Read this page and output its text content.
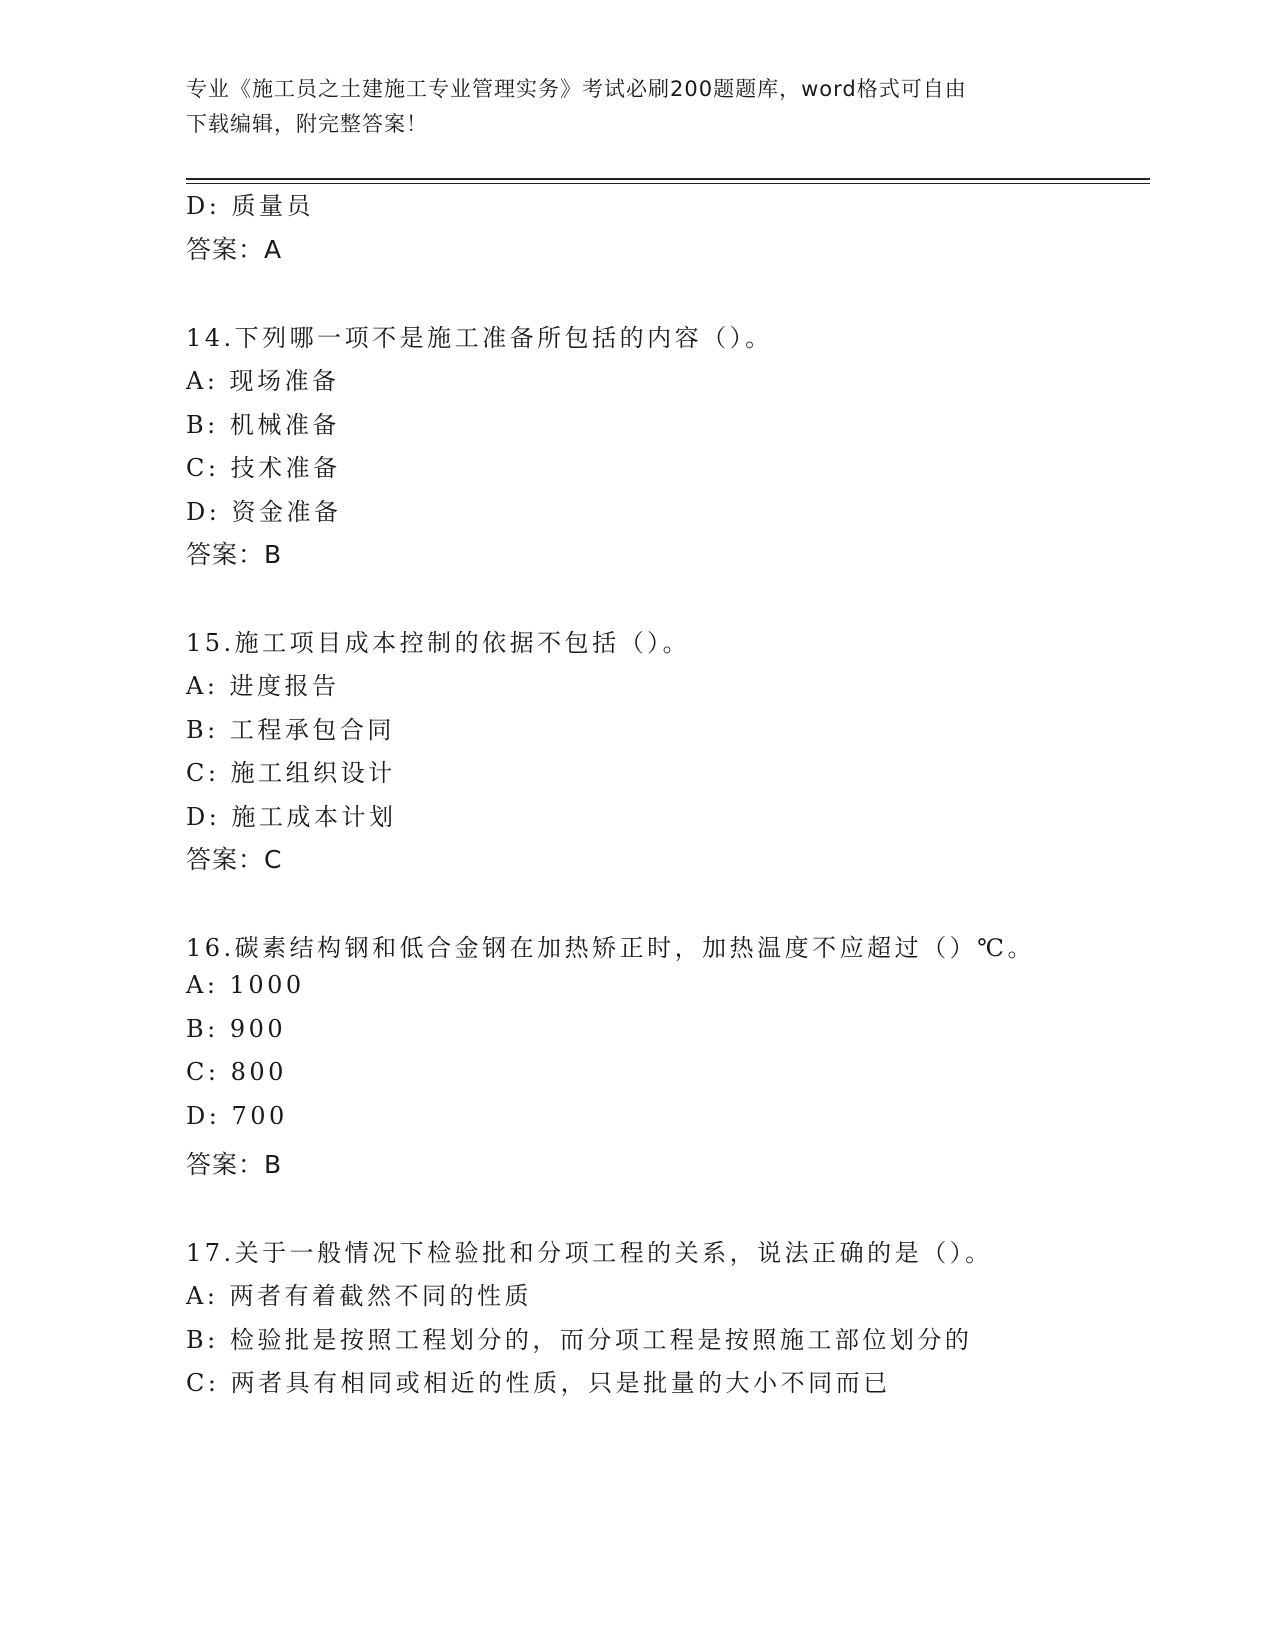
专业《施工员之土建施工专业管理实务》考试必刷200题题库，word格式可自由
下载编辑，附完整答案！
D: 质量员
答案：A
14.下列哪一项不是施工准备所包括的内容（）。
A: 现场准备
B: 机械准备
C: 技术准备
D: 资金准备
答案：B
15.施工项目成本控制的依据不包括（）。
A: 进度报告
B: 工程承包合同
C: 施工组织设计
D: 施工成本计划
答案：C
16.碳素结构钢和低合金钢在加热矫正时，加热温度不应超过（）℃。
A: 1000
B: 900
C: 800
D: 700
答案：B
17.关于一般情况下检验批和分项工程的关系，说法正确的是（）。
A: 两者有着截然不同的性质
B: 检验批是按照工程划分的，而分项工程是按照施工部位划分的
C: 两者具有相同或相近的性质，只是批量的大小不同而已
